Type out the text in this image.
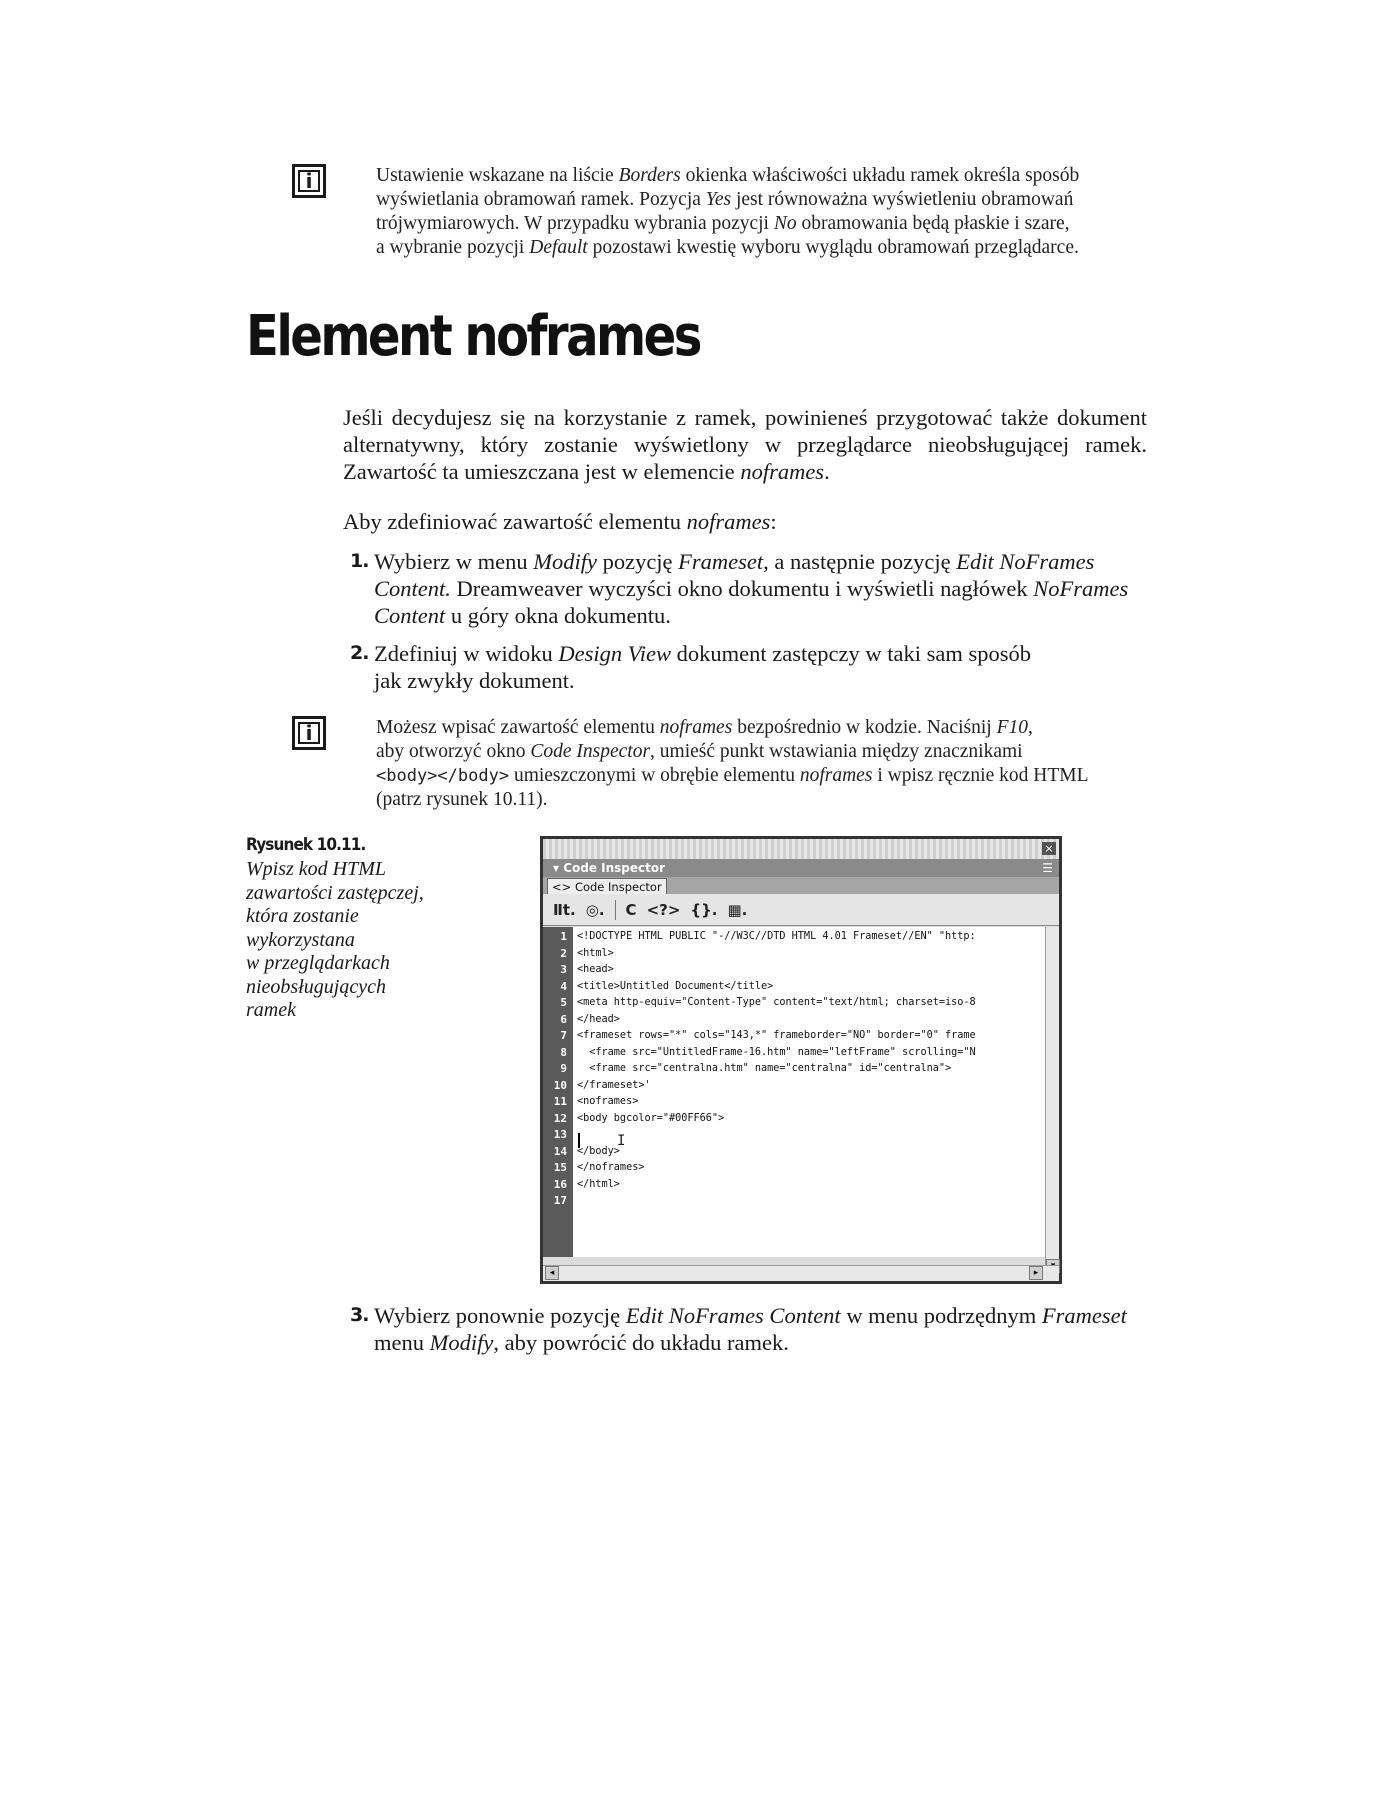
i	Ustawienie wskazane na liście Borders okienka właściwości układu ramek określa sposób
wyświetlania obramowań ramek. Pozycja Yes jest równoważna wyświetleniu obramowań
trójwymiarowych. W przypadku wybrania pozycji No obramowania będą płaskie i szare,
a wybranie pozycji Default pozostawi kwestię wyboru wyglądu obramowań przeglądarce.
Element noframes

Jeśli decydujesz się na korzystanie z ramek, powinieneś przygotować także dokument alternatywny, który zostanie wyświetlony w przeglądarce nieobsługującej ramek. Zawartość ta umieszczana jest w elemencie noframes.

Aby zdefiniować zawartość elementu noframes:

1. Wybierz w menu Modify pozycję Frameset, a następnie pozycję Edit NoFrames
Content. Dreamweaver wyczyści okno dokumentu i wyświetli nagłówek NoFrames
Content u góry okna dokumentu.
2. Zdefiniuj w widoku Design View dokument zastępczy w taki sam sposób
jak zwykły dokument.
i	Możesz wpisać zawartość elementu noframes bezpośrednio w kodzie. Naciśnij F10,
aby otworzyć okno Code Inspector, umieść punkt wstawiania między znacznikami
<body></body> umieszczonymi w obrębie elementu noframes i wpisz ręcznie kod HTML
(patrz rysunek 10.11).
Rysunek 10.11.
Wpisz kod HTML
zawartości zastępczej,
która zostanie
wykorzystana
w przeglądarkach
nieobsługujących
ramek
×
▾ Code Inspector	☰
<> Code Inspector
Ⅱt. ◎. C <?> {}. ▦.
1
2
3
4
5
6
7
8
9
10
11
12
13
14
15
16
17
I
<!DOCTYPE HTML PUBLIC "-//W3C//DTD HTML 4.01 Frameset//EN" "http:
<html>
<head>
<title>Untitled Document</title>
<meta http-equiv="Content-Type" content="text/html; charset=iso-8
</head>
<frameset rows="*" cols="143,*" frameborder="NO" border="0" frame
<frame src="UntitledFrame-16.htm" name="leftFrame" scrolling="N
<frame src="centralna.htm" name="centralna" id="centralna">
</frameset>'
<noframes>
<body bgcolor="#00FF66">
</body>
</noframes>
</html>
◂	▸
3. Wybierz ponownie pozycję Edit NoFrames Content w menu podrzędnym Frameset
menu Modify, aby powrócić do układu ramek.
